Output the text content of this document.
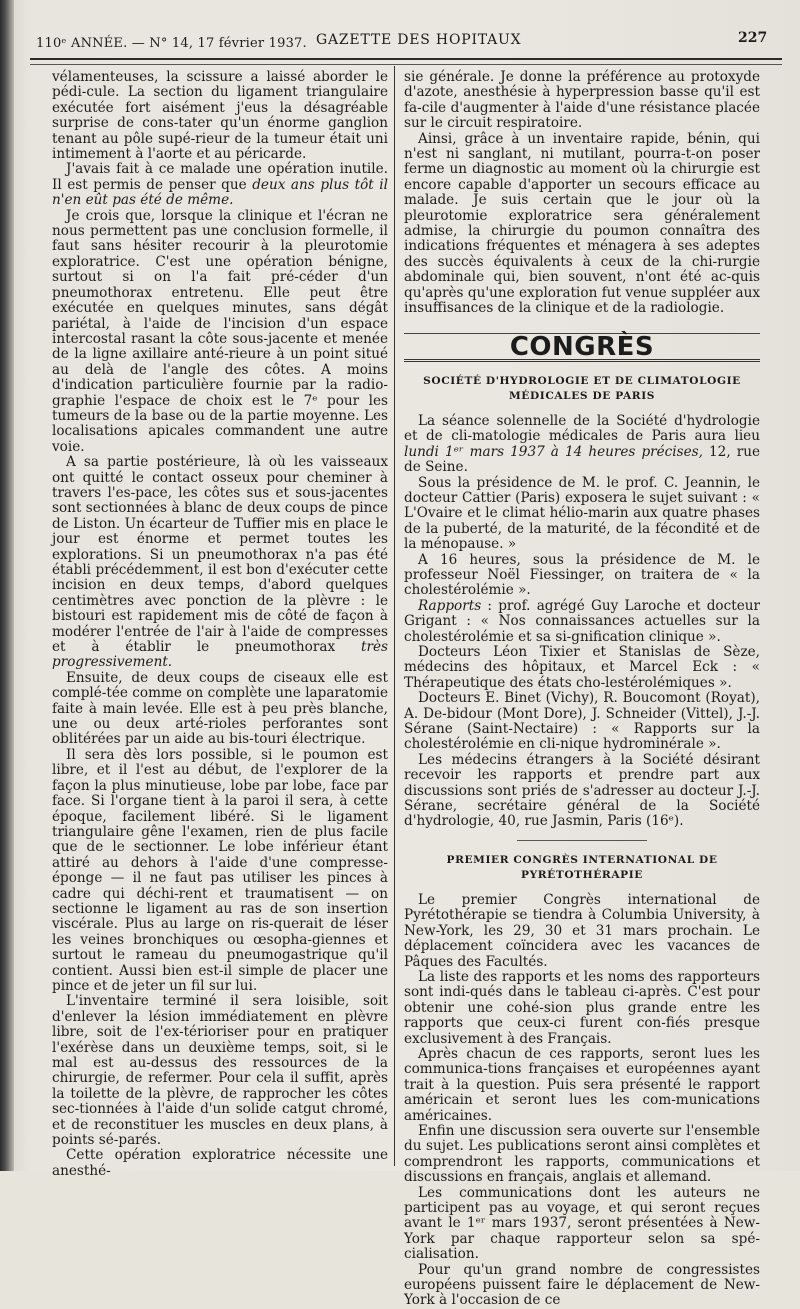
110ᵉ ANNÉE. — N° 14, 17 février 1937. GAZETTE DES HOPITAUX	227

vélamenteuses, la scissure a laissé aborder le pédi-cule. La section du ligament triangulaire exécutée fort aisément j'eus la désagréable surprise de cons-tater qu'un énorme ganglion tenant au pôle supé-rieur de la tumeur était uni intimement à l'aorte et au péricarde.

J'avais fait à ce malade une opération inutile. Il est permis de penser que deux ans plus tôt il n'en eût pas été de même.

Je crois que, lorsque la clinique et l'écran ne nous permettent pas une conclusion formelle, il faut sans hésiter recourir à la pleurotomie exploratrice. C'est une opération bénigne, surtout si on l'a fait pré-céder d'un pneumothorax entretenu. Elle peut être exécutée en quelques minutes, sans dégât pariétal, à l'aide de l'incision d'un espace intercostal rasant la côte sous-jacente et menée de la ligne axillaire anté-rieure à un point situé au delà de l'angle des côtes. A moins d'indication particulière fournie par la radio-graphie l'espace de choix est le 7ᵉ pour les tumeurs de la base ou de la partie moyenne. Les localisations apicales commandent une autre voie.

A sa partie postérieure, là où les vaisseaux ont quitté le contact osseux pour cheminer à travers l'es-pace, les côtes sus et sous-jacentes sont sectionnées à blanc de deux coups de pince de Liston. Un écarteur de Tuffier mis en place le jour est énorme et permet toutes les explorations. Si un pneumothorax n'a pas été établi précédemment, il est bon d'exécuter cette incision en deux temps, d'abord quelques centimètres avec ponction de la plèvre : le bistouri est rapidement mis de côté de façon à modérer l'entrée de l'air à l'aide de compresses et à établir le pneumothorax très progressivement.

Ensuite, de deux coups de ciseaux elle est complé-tée comme on complète une laparatomie faite à main levée. Elle est à peu près blanche, une ou deux arté-rioles perforantes sont oblitérées par un aide au bis-touri électrique.

Il sera dès lors possible, si le poumon est libre, et il l'est au début, de l'explorer de la façon la plus minutieuse, lobe par lobe, face par face. Si l'organe tient à la paroi il sera, à cette époque, facilement libéré. Si le ligament triangulaire gêne l'examen, rien de plus facile que de le sectionner. Le lobe inférieur étant attiré au dehors à l'aide d'une compresse-éponge — il ne faut pas utiliser les pinces à cadre qui déchi-rent et traumatisent — on sectionne le ligament au ras de son insertion viscérale. Plus au large on ris-querait de léser les veines bronchiques ou œsopha-giennes et surtout le rameau du pneumogastrique qu'il contient. Aussi bien est-il simple de placer une pince et de jeter un fil sur lui.

L'inventaire terminé il sera loisible, soit d'enlever la lésion immédiatement en plèvre libre, soit de l'ex-térioriser pour en pratiquer l'exérèse dans un deuxième temps, soit, si le mal est au-dessus des ressources de la chirurgie, de refermer. Pour cela il suffit, après la toilette de la plèvre, de rapprocher les côtes sec-tionnées à l'aide d'un solide catgut chromé, et de reconstituer les muscles en deux plans, à points sé-parés.

Cette opération exploratrice nécessite une anesthé-

sie générale. Je donne la préférence au protoxyde d'azote, anesthésie à hyperpression basse qu'il est fa-cile d'augmenter à l'aide d'une résistance placée sur le circuit respiratoire.

Ainsi, grâce à un inventaire rapide, bénin, qui n'est ni sanglant, ni mutilant, pourra-t-on poser ferme un diagnostic au moment où la chirurgie est encore capable d'apporter un secours efficace au malade. Je suis certain que le jour où la pleurotomie exploratrice sera généralement admise, la chirurgie du poumon connaîtra des indications fréquentes et ménagera à ses adeptes des succès équivalents à ceux de la chi-rurgie abdominale qui, bien souvent, n'ont été ac-quis qu'après qu'une exploration fut venue suppléer aux insuffisances de la clinique et de la radiologie.

CONGRÈS
SOCIÉTÉ D'HYDROLOGIE ET DE CLIMATOLOGIE MÉDICALES DE PARIS

La séance solennelle de la Société d'hydrologie et de cli-matologie médicales de Paris aura lieu lundi 1ᵉʳ mars 1937 à 14 heures précises, 12, rue de Seine.

Sous la présidence de M. le prof. C. Jeannin, le docteur Cattier (Paris) exposera le sujet suivant : « L'Ovaire et le climat hélio-marin aux quatre phases de la puberté, de la maturité, de la fécondité et de la ménopause. »

A 16 heures, sous la présidence de M. le professeur Noël Fiessinger, on traitera de « la cholestérolémie ».

Rapports : prof. agrégé Guy Laroche et docteur Grigant : « Nos connaissances actuelles sur la cholestérolémie et sa si-gnification clinique ».

Docteurs Léon Tixier et Stanislas de Sèze, médecins des hôpitaux, et Marcel Eck : « Thérapeutique des états cho-lestérolémiques ».

Docteurs E. Binet (Vichy), R. Boucomont (Royat), A. De-bidour (Mont Dore), J. Schneider (Vittel), J.-J. Sérane (Saint-Nectaire) : « Rapports sur la cholestérolémie en cli-nique hydrominérale ».

Les médecins étrangers à la Société désirant recevoir les rapports et prendre part aux discussions sont priés de s'adresser au docteur J.-J. Sérane, secrétaire général de la Société d'hydrologie, 40, rue Jasmin, Paris (16ᵉ).

PREMIER CONGRÈS INTERNATIONAL DE PYRÉTOTHÉRAPIE

Le premier Congrès international de Pyrétothérapie se tiendra à Columbia University, à New-York, les 29, 30 et 31 mars prochain. Le déplacement coïncidera avec les vacances de Pâques des Facultés.

La liste des rapports et les noms des rapporteurs sont indi-qués dans le tableau ci-après. C'est pour obtenir une cohé-sion plus grande entre les rapports que ceux-ci furent con-fiés presque exclusivement à des Français.

Après chacun de ces rapports, seront lues les communica-tions françaises et européennes ayant trait à la question. Puis sera présenté le rapport américain et seront lues les com-munications américaines.

Enfin une discussion sera ouverte sur l'ensemble du sujet. Les publications seront ainsi complètes et comprendront les rapports, communications et discussions en français, anglais et allemand.

Les communications dont les auteurs ne participent pas au voyage, et qui seront reçues avant le 1ᵉʳ mars 1937, seront présentées à New-York par chaque rapporteur selon sa spé-cialisation.

Pour qu'un grand nombre de congressistes européens puissent faire le déplacement de New-York à l'occasion de ce
